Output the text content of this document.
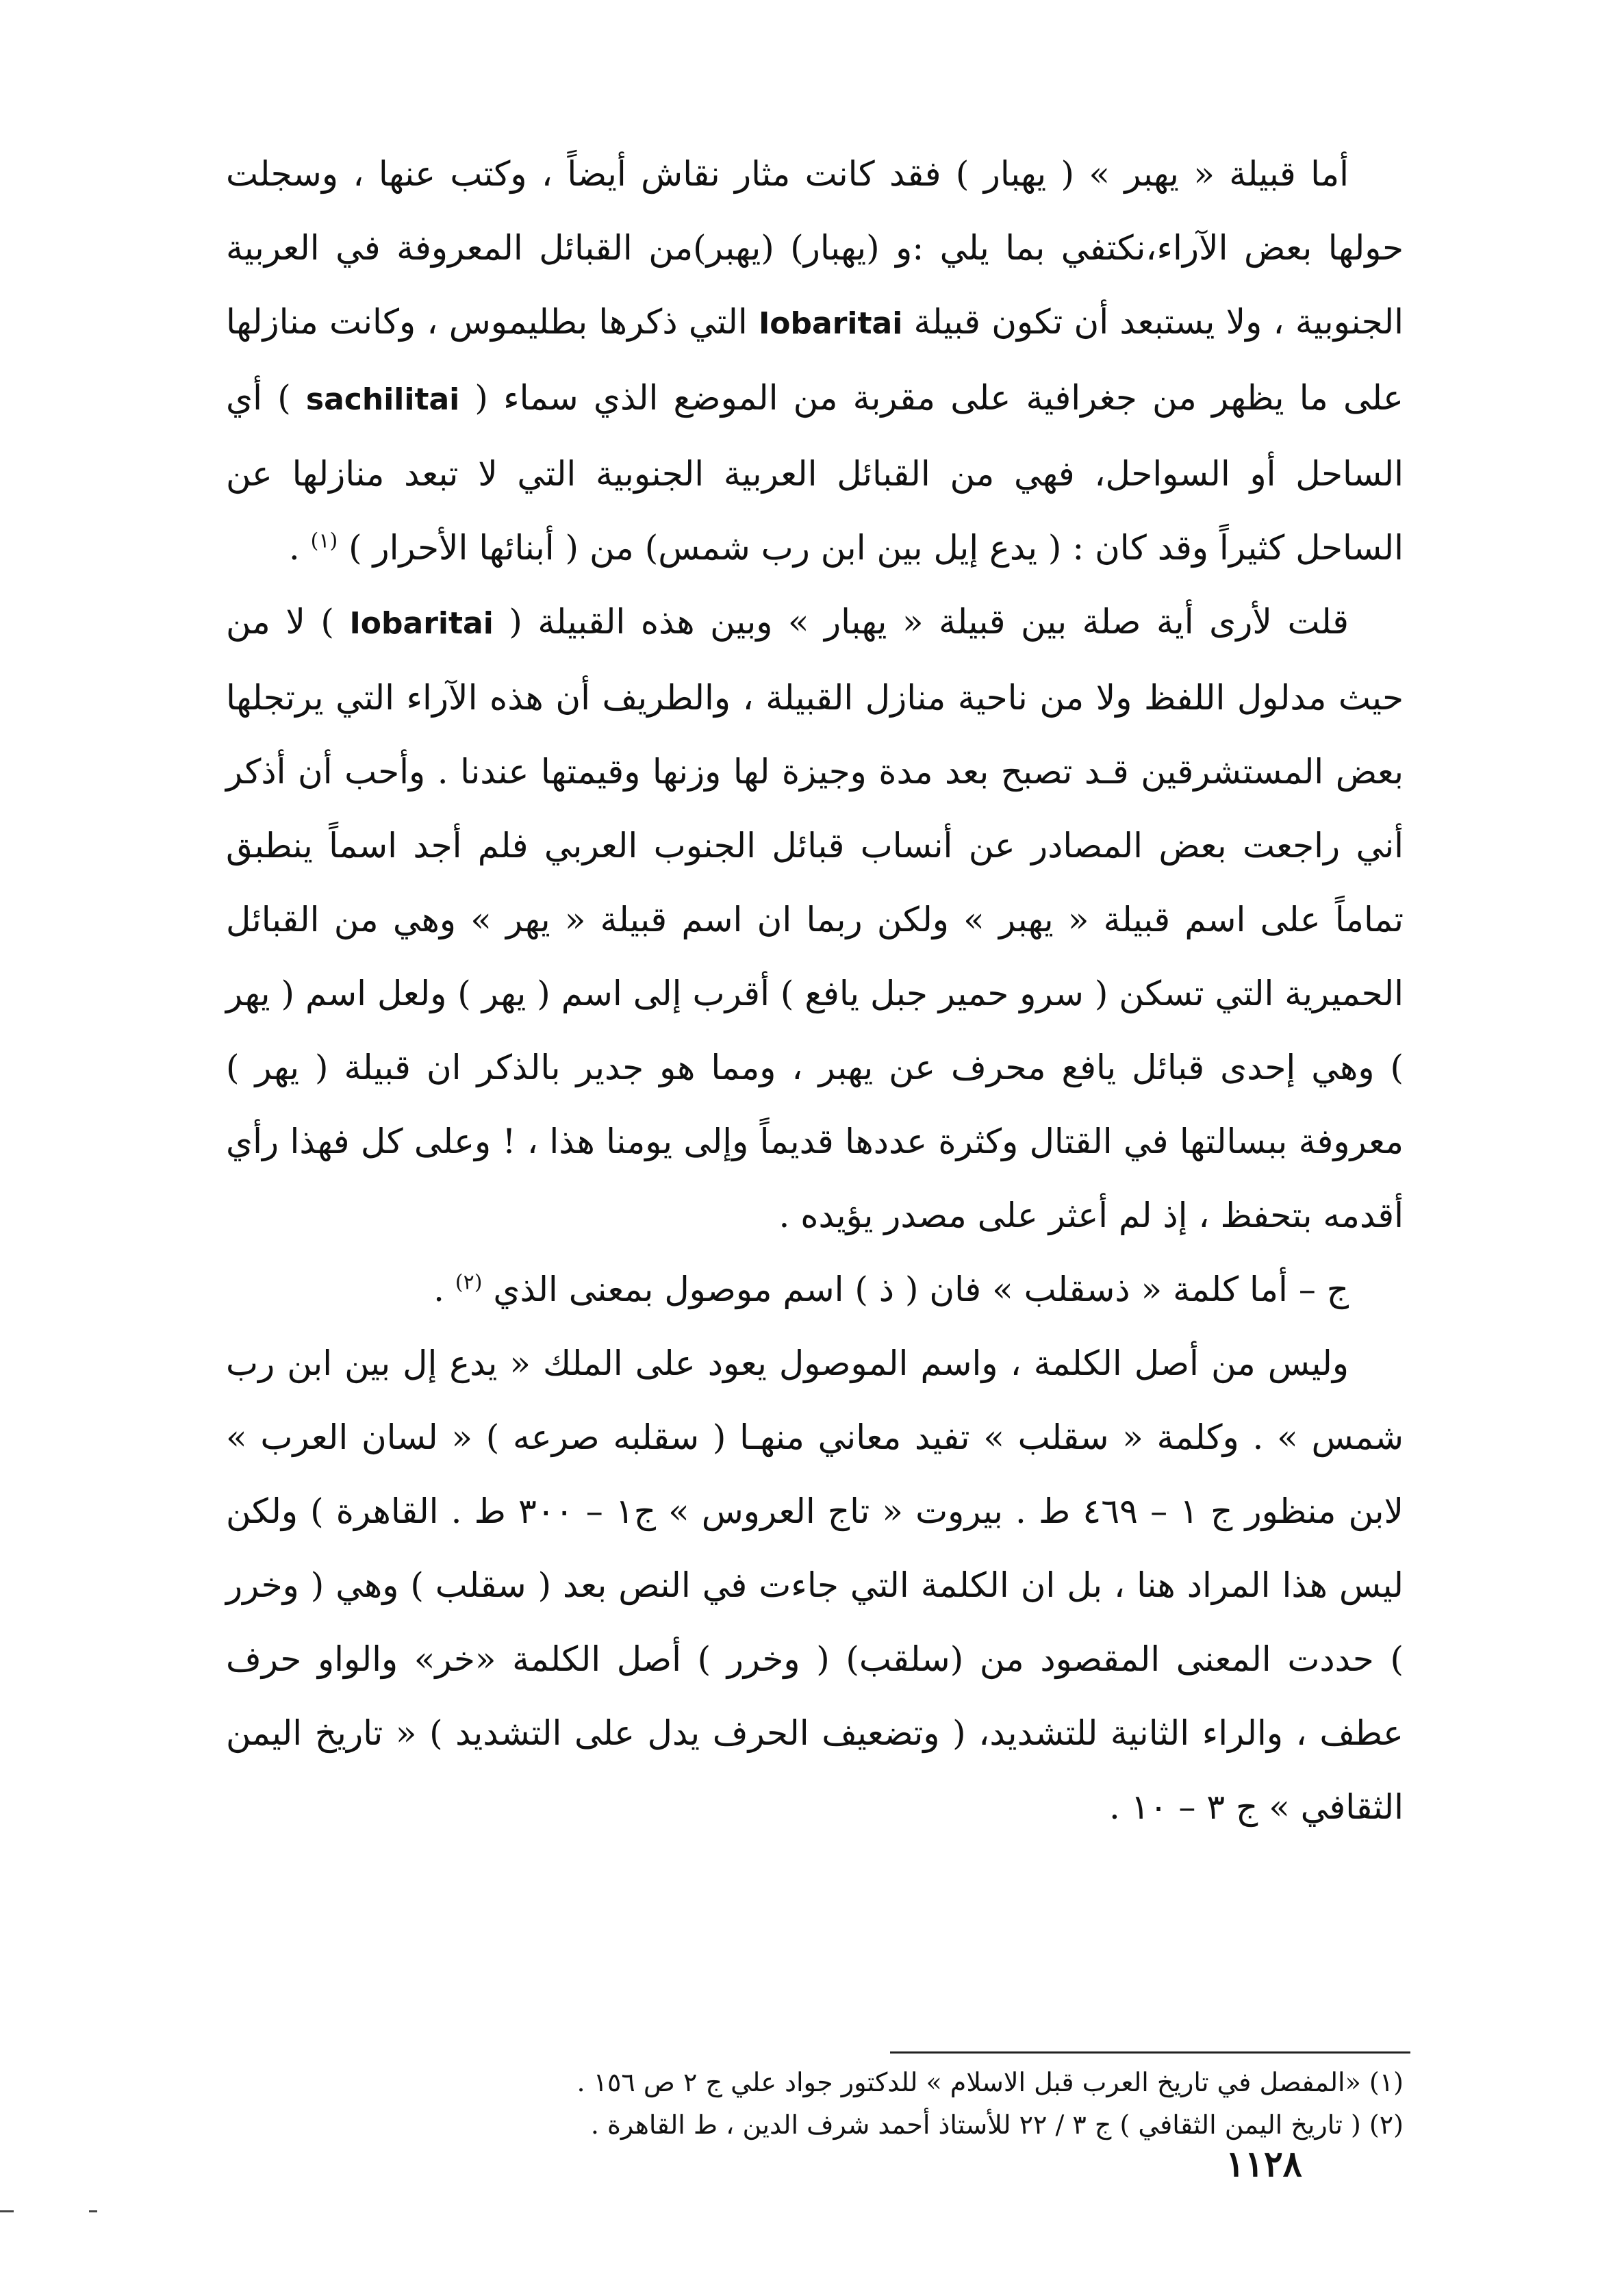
أما قبيلة « يهبر » ( يهبار ) فقد كانت مثار نقاش أيضاً ، وكتب عنها ، وسجلت حولها بعض الآراء،نكتفي بما يلي :و (يهبار) (يهبر)من القبائل المعروفة في العربية الجنوبية ، ولا يستبعد أن تكون قبيلة Iobaritai التي ذكرها بطليموس ، وكانت منازلها على ما يظهر من جغرافية على مقربة من الموضع الذي سماء ( sachilitai ) أي الساحل أو السواحل، فهي من القبائل العربية الجنوبية التي لا تبعد منازلها عن الساحل كثيراً وقد كان : ( يدع إيل بين ابن رب شمس) من ( أبنائها الأحرار ) $^{(١)}$ .

قلت لأرى أية صلة بين قبيلة « يهبار » وبين هذه القبيلة ( Iobaritai ) لا من حيث مدلول اللفظ ولا من ناحية منازل القبيلة ، والطريف أن هذه الآراء التي يرتجلها بعض المستشرقين قـد تصبح بعد مدة وجيزة لها وزنها وقيمتها عندنا . وأحب أن أذكر أني راجعت بعض المصادر عن أنساب قبائل الجنوب العربي فلم أجد اسماً ينطبق تماماً على اسم قبيلة « يهبر » ولكن ربما ان اسم قبيلة « يهر » وهي من القبائل الحميرية التي تسكن ( سرو حمير جبل يافع ) أقرب إلى اسم ( يهر ) ولعل اسم ( يهر ) وهي إحدى قبائل يافع محرف عن يهبر ، ومما هو جدير بالذكر ان قبيلة ( يهر ) معروفة ببسالتها في القتال وكثرة عددها قديماً وإلى يومنا هذا ، ! وعلى كل فهذا رأي أقدمه بتحفظ ، إذ لم أعثر على مصدر يؤيده .

ج – أما كلمة « ذسقلب » فان ( ذ ) اسم موصول بمعنى الذي $^{(٢)}$ .

وليس من أصل الكلمة ، واسم الموصول يعود على الملك « يدع إل بين ابن رب شمس » . وكلمة « سقلب » تفيد معاني منهـا ( سقلبه صرعه ) « لسان العرب » لابن منظور ج ١ – ٤٦٩ ط . بيروت « تاج العروس » ج١ – ٣٠٠ ط . القاهرة ) ولكن ليس هذا المراد هنا ، بل ان الكلمة التي جاءت في النص بعد ( سقلب ) وهي ( وخرر ) حددت المعنى المقصود من (سلقب) ( وخرر ) أصل الكلمة «خر» والواو حرف عطف ، والراء الثانية للتشديد، ( وتضعيف الحرف يدل على التشديد ) « تاريخ اليمن الثقافي » ج ٣ – ١٠ .

(١) «المفصل في تاريخ العرب قبل الاسلام » للدكتور جواد علي ج ٢ ص ١٥٦ .

(٢) ( تاريخ اليمن الثقافي ) ج ٣ / ٢٢ للأستاذ أحمد شرف الدين ، ط القاهرة .

١١٢٨
